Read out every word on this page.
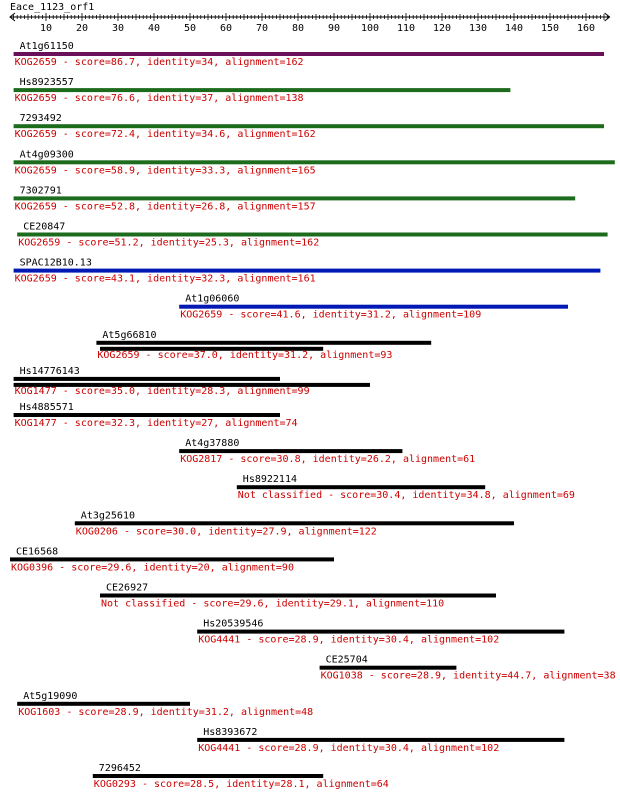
Eace_1123_orf1
10 20 30 40 50 60 70 80 90 100 110 120 130 140 150 160
At1g61150
KOG2659 - score=86.7, identity=34, alignment=162
Hs8923557
KOG2659 - score=76.6, identity=37, alignment=138
7293492
KOG2659 - score=72.4, identity=34.6, alignment=162
At4g09300
KOG2659 - score=58.9, identity=33.3, alignment=165
7302791
KOG2659 - score=52.8, identity=26.8, alignment=157
CE20847
KOG2659 - score=51.2, identity=25.3, alignment=162
SPAC12B10.13
KOG2659 - score=43.1, identity=32.3, alignment=161
At1g06060
KOG2659 - score=41.6, identity=31.2, alignment=109
At5g66810
KOG2659 - score=37.0, identity=31.2, alignment=93
Hs14776143
KOG1477 - score=35.0, identity=28.3, alignment=99
Hs4885571
KOG1477 - score=32.3, identity=27, alignment=74
At4g37880
KOG2817 - score=30.8, identity=26.2, alignment=61
Hs8922114
Not classified - score=30.4, identity=34.8, alignment=69
At3g25610
KOG0206 - score=30.0, identity=27.9, alignment=122
CE16568
KOG0396 - score=29.6, identity=20, alignment=90
CE26927
Not classified - score=29.6, identity=29.1, alignment=110
Hs20539546
KOG4441 - score=28.9, identity=30.4, alignment=102
CE25704
KOG1038 - score=28.9, identity=44.7, alignment=38
At5g19090
KOG1603 - score=28.9, identity=31.2, alignment=48
Hs8393672
KOG4441 - score=28.9, identity=30.4, alignment=102
7296452
KOG0293 - score=28.5, identity=28.1, alignment=64
